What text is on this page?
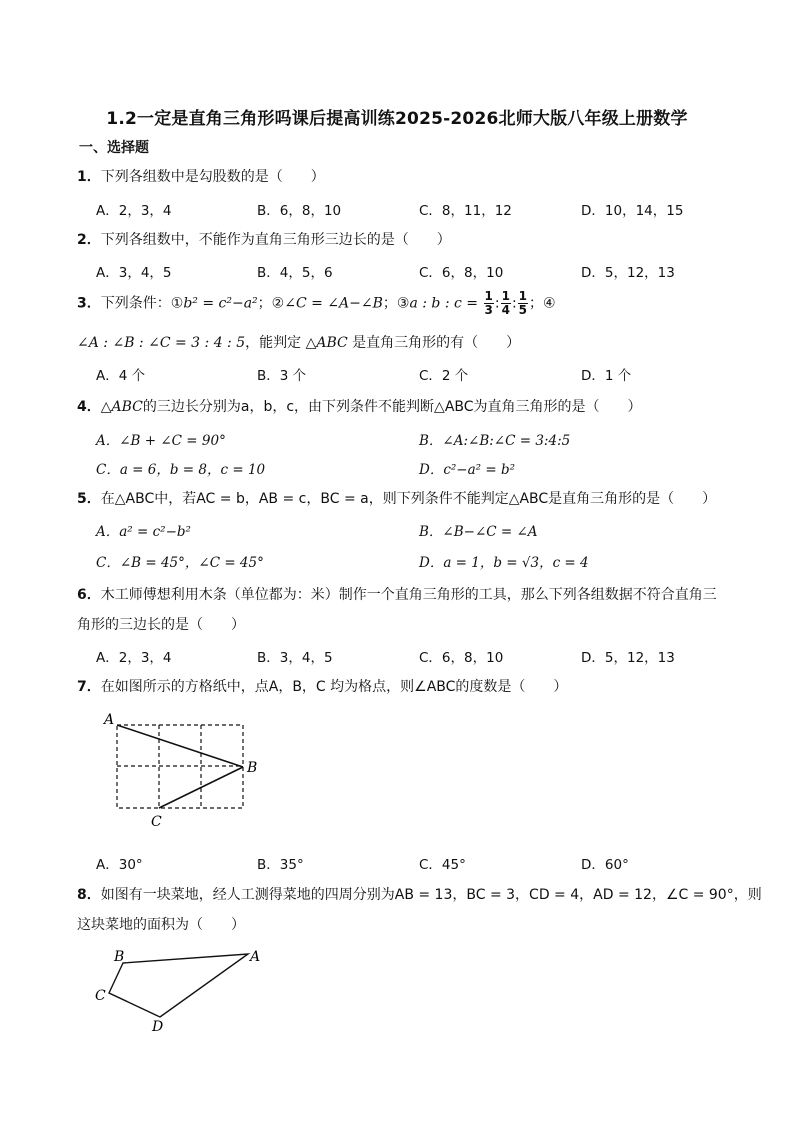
1.2一定是直角三角形吗课后提高训练2025-2026北师大版八年级上册数学
一、选择题
1．下列各组数中是勾股数的是（　　）
A．2，3，4	B．6，8，10	C．8，11，12	D．10，14，15
2．下列各组数中，不能作为直角三角形三边长的是（　　）
A．3，4，5	B．4，5，6	C．6，8，10	D．5，12，13
3．下列条件：①b² = c²−a²；②∠C = ∠A−∠B；③a : b : $c = \frac{1}{3}$ : $\frac{1}{4}$ : $\frac{1}{5}$ ；④
∠A : ∠B : ∠C = 3 : 4 : 5，能判定 △ABC 是直角三角形的有（　　）
A．4 个	B．3 个	C．2 个	D．1 个
4．△ABC的三边长分别为a，b，c，由下列条件不能判断△ABC为直角三角形的是（　　）
A．∠B + ∠C = 90°	B．∠A:∠B:∠C = 3:4:5
C．a = 6，b = 8，c = 10	D．c²−a² = b²
5．在△ABC中，若AC = b，AB = c，BC = a，则下列条件不能判定△ABC是直角三角形的是（　　）
A．a² = c²−b²	B．∠B−∠C = ∠A
C．∠B = 45°，∠C = 45°	D．a = 1，b = √3，c = 4
6．木工师傅想利用木条（单位都为：米）制作一个直角三角形的工具，那么下列各组数据不符合直角三
角形的三边长的是（　　）
A．2，3，4	B．3，4，5	C．6，8，10	D．5，12，13
7．在如图所示的方格纸中，点A，B，C 均为格点，则∠ABC的度数是（　　）
A
B
C
B	A
C
D
A．30°	B．35°	C．45°	D．60°
8．如图有一块菜地，经人工测得菜地的四周分别为AB = 13，BC = 3，CD = 4，AD = 12，∠C = 90°，则
这块菜地的面积为（　　）
